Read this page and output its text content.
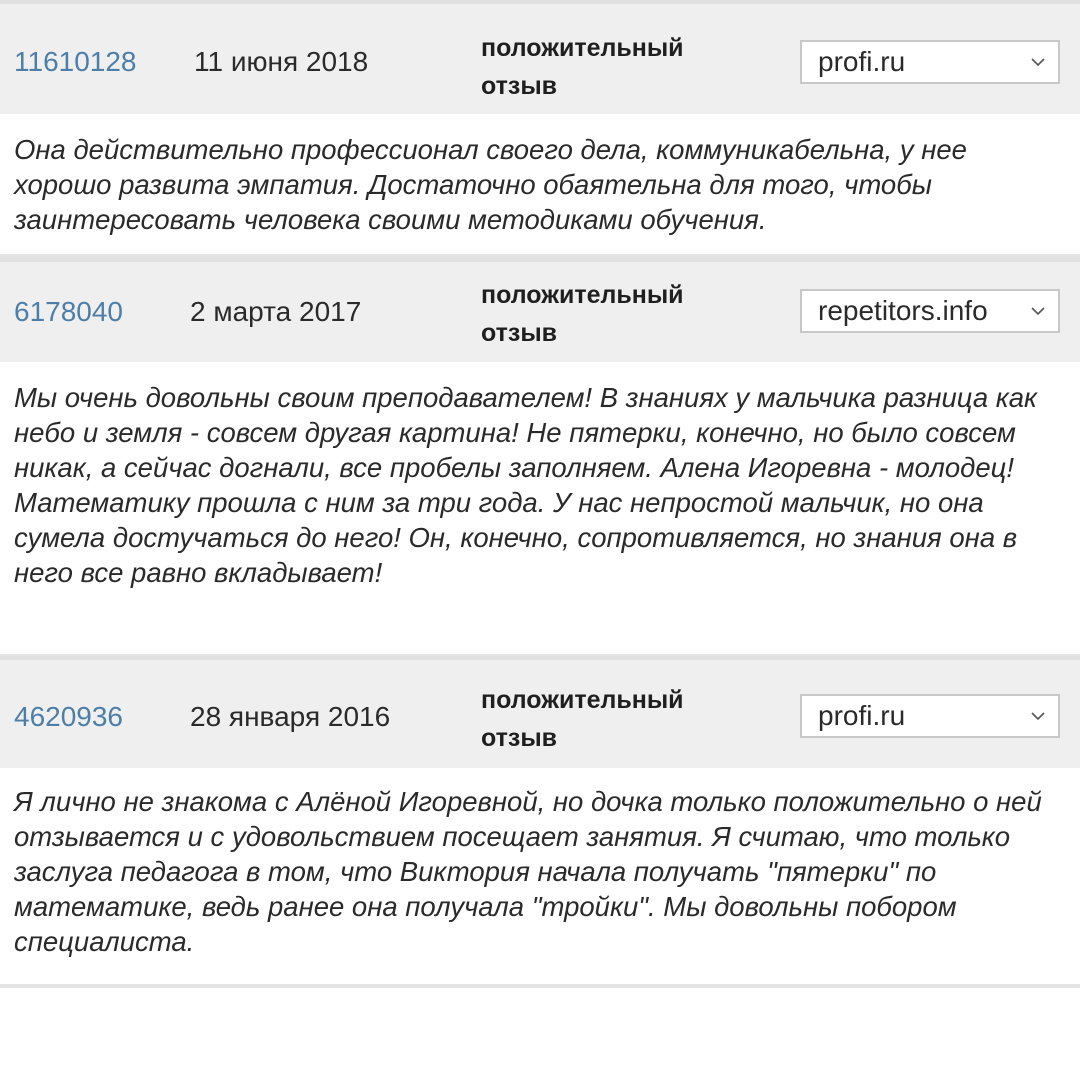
11610128 11 июня 2018	положительный
отзыв
profi.ru

Она действительно профессионал своего дела, коммуникабельна, у нее хорошо развита эмпатия. Достаточно обаятельна для того, чтобы заинтересовать человека своими методиками обучения.

6178040 2 марта 2017
положительный
отзыв
repetitors.info

Мы очень довольны своим преподавателем! В знаниях у мальчика разница как небо и земля - совсем другая картина! Не пятерки, конечно, но было совсем никак, а сейчас догнали, все пробелы заполняем. Алена Игоревна - молодец! Математику прошла с ним за три года. У нас непростой мальчик, но она сумела достучаться до него! Он, конечно, сопротивляется, но знания она в него все равно вкладывает!

4620936 28 января 2016
положительный
отзыв
profi.ru

Я лично не знакома с Алёной Игоревной, но дочка только положительно о ней отзывается и с удовольствием посещает занятия. Я считаю, что только заслуга педагога в том, что Виктория начала получать "пятерки" по математике, ведь ранее она получала "тройки". Мы довольны побором специалиста.
